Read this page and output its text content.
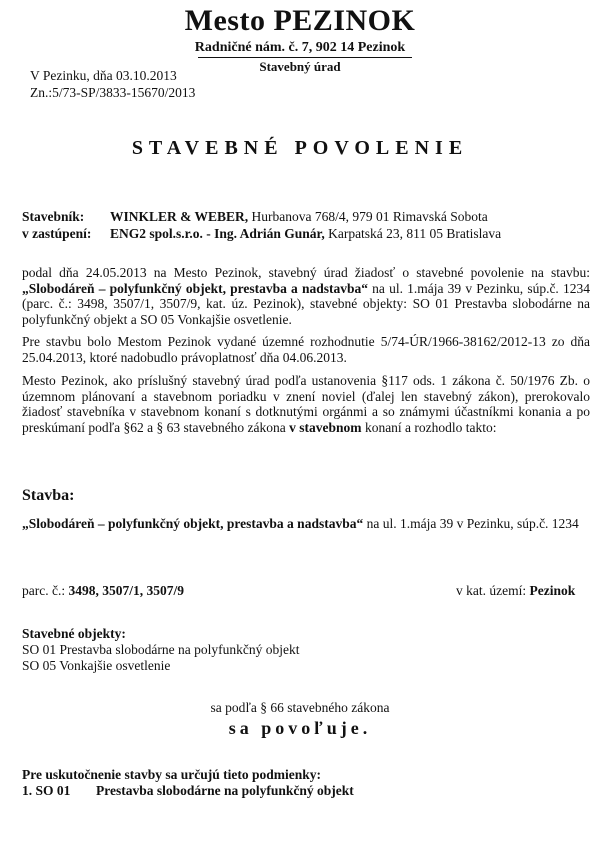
Mesto PEZINOK
Radničné nám. č. 7, 902 14 Pezinok
Stavebný úrad
V Pezinku, dňa 03.10.2013
Zn.:5/73-SP/3833-15670/2013
STAVEBNÉ POVOLENIE
Stavebník: WINKLER & WEBER, Hurbanova 768/4, 979 01 Rimavská Sobota
v zastúpení: ENG2 spol.s.r.o. - Ing. Adrián Gunár, Karpatská 23, 811 05 Bratislava
podal dňa 24.05.2013 na Mesto Pezinok, stavebný úrad žiadosť o stavebné povolenie na stavbu: „Slobodáreň – polyfunkčný objekt, prestavba a nadstavba“ na ul. 1.mája 39 v Pezinku, súp.č. 1234 (parc. č.: 3498, 3507/1, 3507/9, kat. úz. Pezinok), stavebné objekty: SO 01 Prestavba slobodárne na polyfunkčný objekt a SO 05 Vonkajšie osvetlenie.
Pre stavbu bolo Mestom Pezinok vydané územné rozhodnutie 5/74-ÚR/1966-38162/2012-13 zo dňa 25.04.2013, ktoré nadobudlo právoplatnosť dňa 04.06.2013.
Mesto Pezinok, ako príslušný stavebný úrad podľa ustanovenia §117 ods. 1 zákona č. 50/1976 Zb. o územnom plánovaní a stavebnom poriadku v znení noviel (ďalej len stavebný zákon), prerokovalo žiadosť stavebníka v stavebnom konaní s dotknutými orgánmi a so známymi účastníkmi konania a po preskúmaní podľa §62 a § 63 stavebného zákona v stavebnom konaní a rozhodlo takto:
Stavba:
„Slobodáreň – polyfunkčný objekt, prestavba a nadstavba“ na ul. 1.mája 39 v Pezinku, súp.č. 1234
parc. č.: 3498, 3507/1, 3507/9	v kat. území: Pezinok
Stavebné objekty:
SO 01 Prestavba slobodárne na polyfunkčný objekt
SO 05 Vonkajšie osvetlenie
sa podľa § 66 stavebného zákona
sa povoľuje.
Pre uskutočnenie stavby sa určujú tieto podmienky:
1. SO 01 Prestavba slobodárne na polyfunkčný objekt
